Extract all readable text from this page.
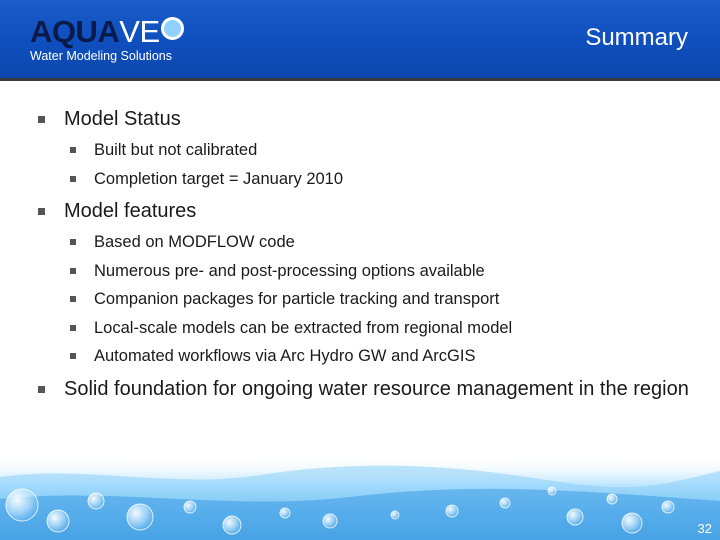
AQUAVE
Water Modeling Solutions
Summary
Model Status
Built but not calibrated
Completion target = January 2010
Model features
Based on MODFLOW code
Numerous pre- and post-processing options available
Companion packages for particle tracking and transport
Local-scale models can be extracted from regional model
Automated workflows via Arc Hydro GW and ArcGIS
Solid foundation for ongoing water resource management in the region
32
